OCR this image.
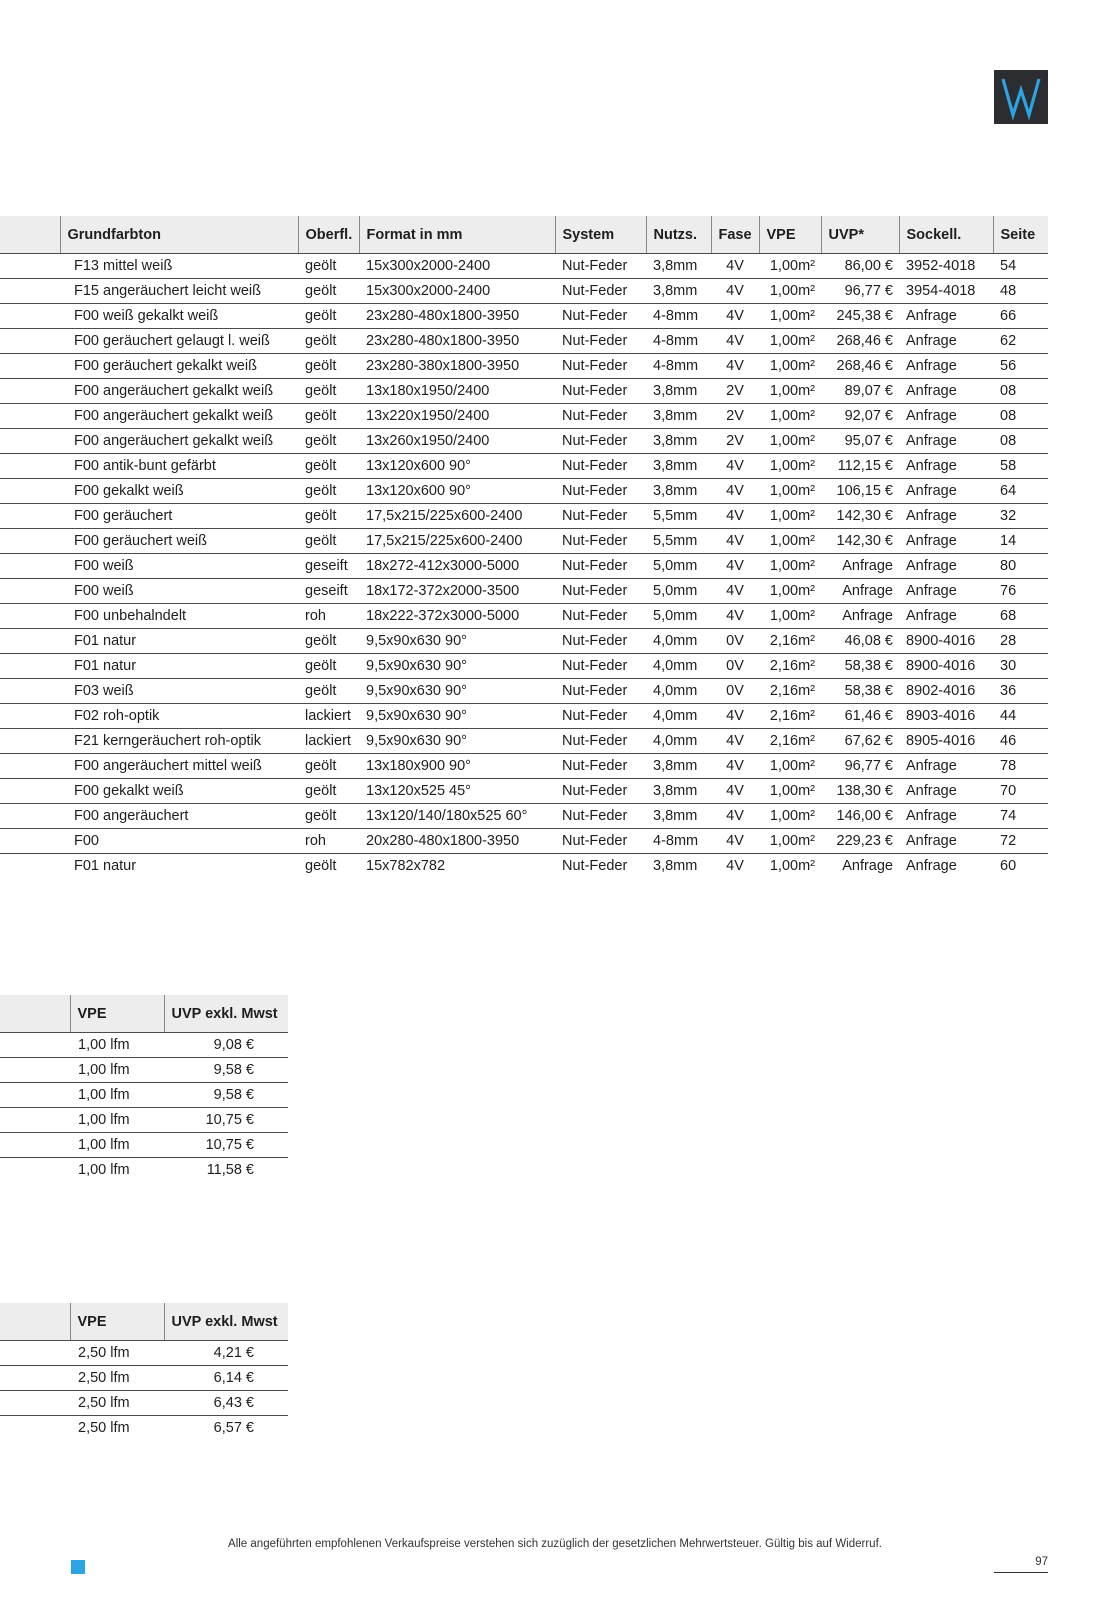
	Grundfarbton	Oberfl.	Format in mm	System	Nutzs.	Fase	VPE	UVP*	Sockell.	Seite
	F13 mittel weiß	geölt	15x300x2000-2400	Nut-Feder	3,8mm	4V	1,00m²	86,00 €	3952-4018	54
	F15 angeräuchert leicht weiß	geölt	15x300x2000-2400	Nut-Feder	3,8mm	4V	1,00m²	96,77 €	3954-4018	48
	F00 weiß gekalkt weiß	geölt	23x280-480x1800-3950	Nut-Feder	4-8mm	4V	1,00m²	245,38 €	Anfrage	66
	F00 geräuchert gelaugt l. weiß	geölt	23x280-480x1800-3950	Nut-Feder	4-8mm	4V	1,00m²	268,46 €	Anfrage	62
	F00 geräuchert gekalkt weiß	geölt	23x280-380x1800-3950	Nut-Feder	4-8mm	4V	1,00m²	268,46 €	Anfrage	56
	F00 angeräuchert gekalkt weiß	geölt	13x180x1950/2400	Nut-Feder	3,8mm	2V	1,00m²	89,07 €	Anfrage	08
	F00 angeräuchert gekalkt weiß	geölt	13x220x1950/2400	Nut-Feder	3,8mm	2V	1,00m²	92,07 €	Anfrage	08
	F00 angeräuchert gekalkt weiß	geölt	13x260x1950/2400	Nut-Feder	3,8mm	2V	1,00m²	95,07 €	Anfrage	08
	F00 antik-bunt gefärbt	geölt	13x120x600 90°	Nut-Feder	3,8mm	4V	1,00m²	112,15 €	Anfrage	58
	F00 gekalkt weiß	geölt	13x120x600 90°	Nut-Feder	3,8mm	4V	1,00m²	106,15 €	Anfrage	64
	F00 geräuchert	geölt	17,5x215/225x600-2400	Nut-Feder	5,5mm	4V	1,00m²	142,30 €	Anfrage	32
	F00 geräuchert weiß	geölt	17,5x215/225x600-2400	Nut-Feder	5,5mm	4V	1,00m²	142,30 €	Anfrage	14
	F00 weiß	geseift	18x272-412x3000-5000	Nut-Feder	5,0mm	4V	1,00m²	Anfrage	Anfrage	80
	F00 weiß	geseift	18x172-372x2000-3500	Nut-Feder	5,0mm	4V	1,00m²	Anfrage	Anfrage	76
	F00 unbehalndelt	roh	18x222-372x3000-5000	Nut-Feder	5,0mm	4V	1,00m²	Anfrage	Anfrage	68
	F01 natur	geölt	9,5x90x630 90°	Nut-Feder	4,0mm	0V	2,16m²	46,08 €	8900-4016	28
	F01 natur	geölt	9,5x90x630 90°	Nut-Feder	4,0mm	0V	2,16m²	58,38 €	8900-4016	30
	F03 weiß	geölt	9,5x90x630 90°	Nut-Feder	4,0mm	0V	2,16m²	58,38 €	8902-4016	36
	F02 roh-optik	lackiert	9,5x90x630 90°	Nut-Feder	4,0mm	4V	2,16m²	61,46 €	8903-4016	44
	F21 kerngeräuchert roh-optik	lackiert	9,5x90x630 90°	Nut-Feder	4,0mm	4V	2,16m²	67,62 €	8905-4016	46
	F00 angeräuchert mittel weiß	geölt	13x180x900 90°	Nut-Feder	3,8mm	4V	1,00m²	96,77 €	Anfrage	78
	F00 gekalkt weiß	geölt	13x120x525 45°	Nut-Feder	3,8mm	4V	1,00m²	138,30 €	Anfrage	70
	F00 angeräuchert	geölt	13x120/140/180x525 60°	Nut-Feder	3,8mm	4V	1,00m²	146,00 €	Anfrage	74
	F00	roh	20x280-480x1800-3950	Nut-Feder	4-8mm	4V	1,00m²	229,23 €	Anfrage	72
	F01 natur	geölt	15x782x782	Nut-Feder	3,8mm	4V	1,00m²	Anfrage	Anfrage	60
	VPE	UVP exkl. Mwst
	1,00 lfm	9,08 €
	1,00 lfm	9,58 €
	1,00 lfm	9,58 €
	1,00 lfm	10,75 €
	1,00 lfm	10,75 €
	1,00 lfm	11,58 €
	VPE	UVP exkl. Mwst
	2,50 lfm	4,21 €
	2,50 lfm	6,14 €
	2,50 lfm	6,43 €
	2,50 lfm	6,57 €
Alle angeführten empfohlenen Verkaufspreise verstehen sich zuzüglich der gesetzlichen Mehrwertsteuer. Gültig bis auf Widerruf.
97
